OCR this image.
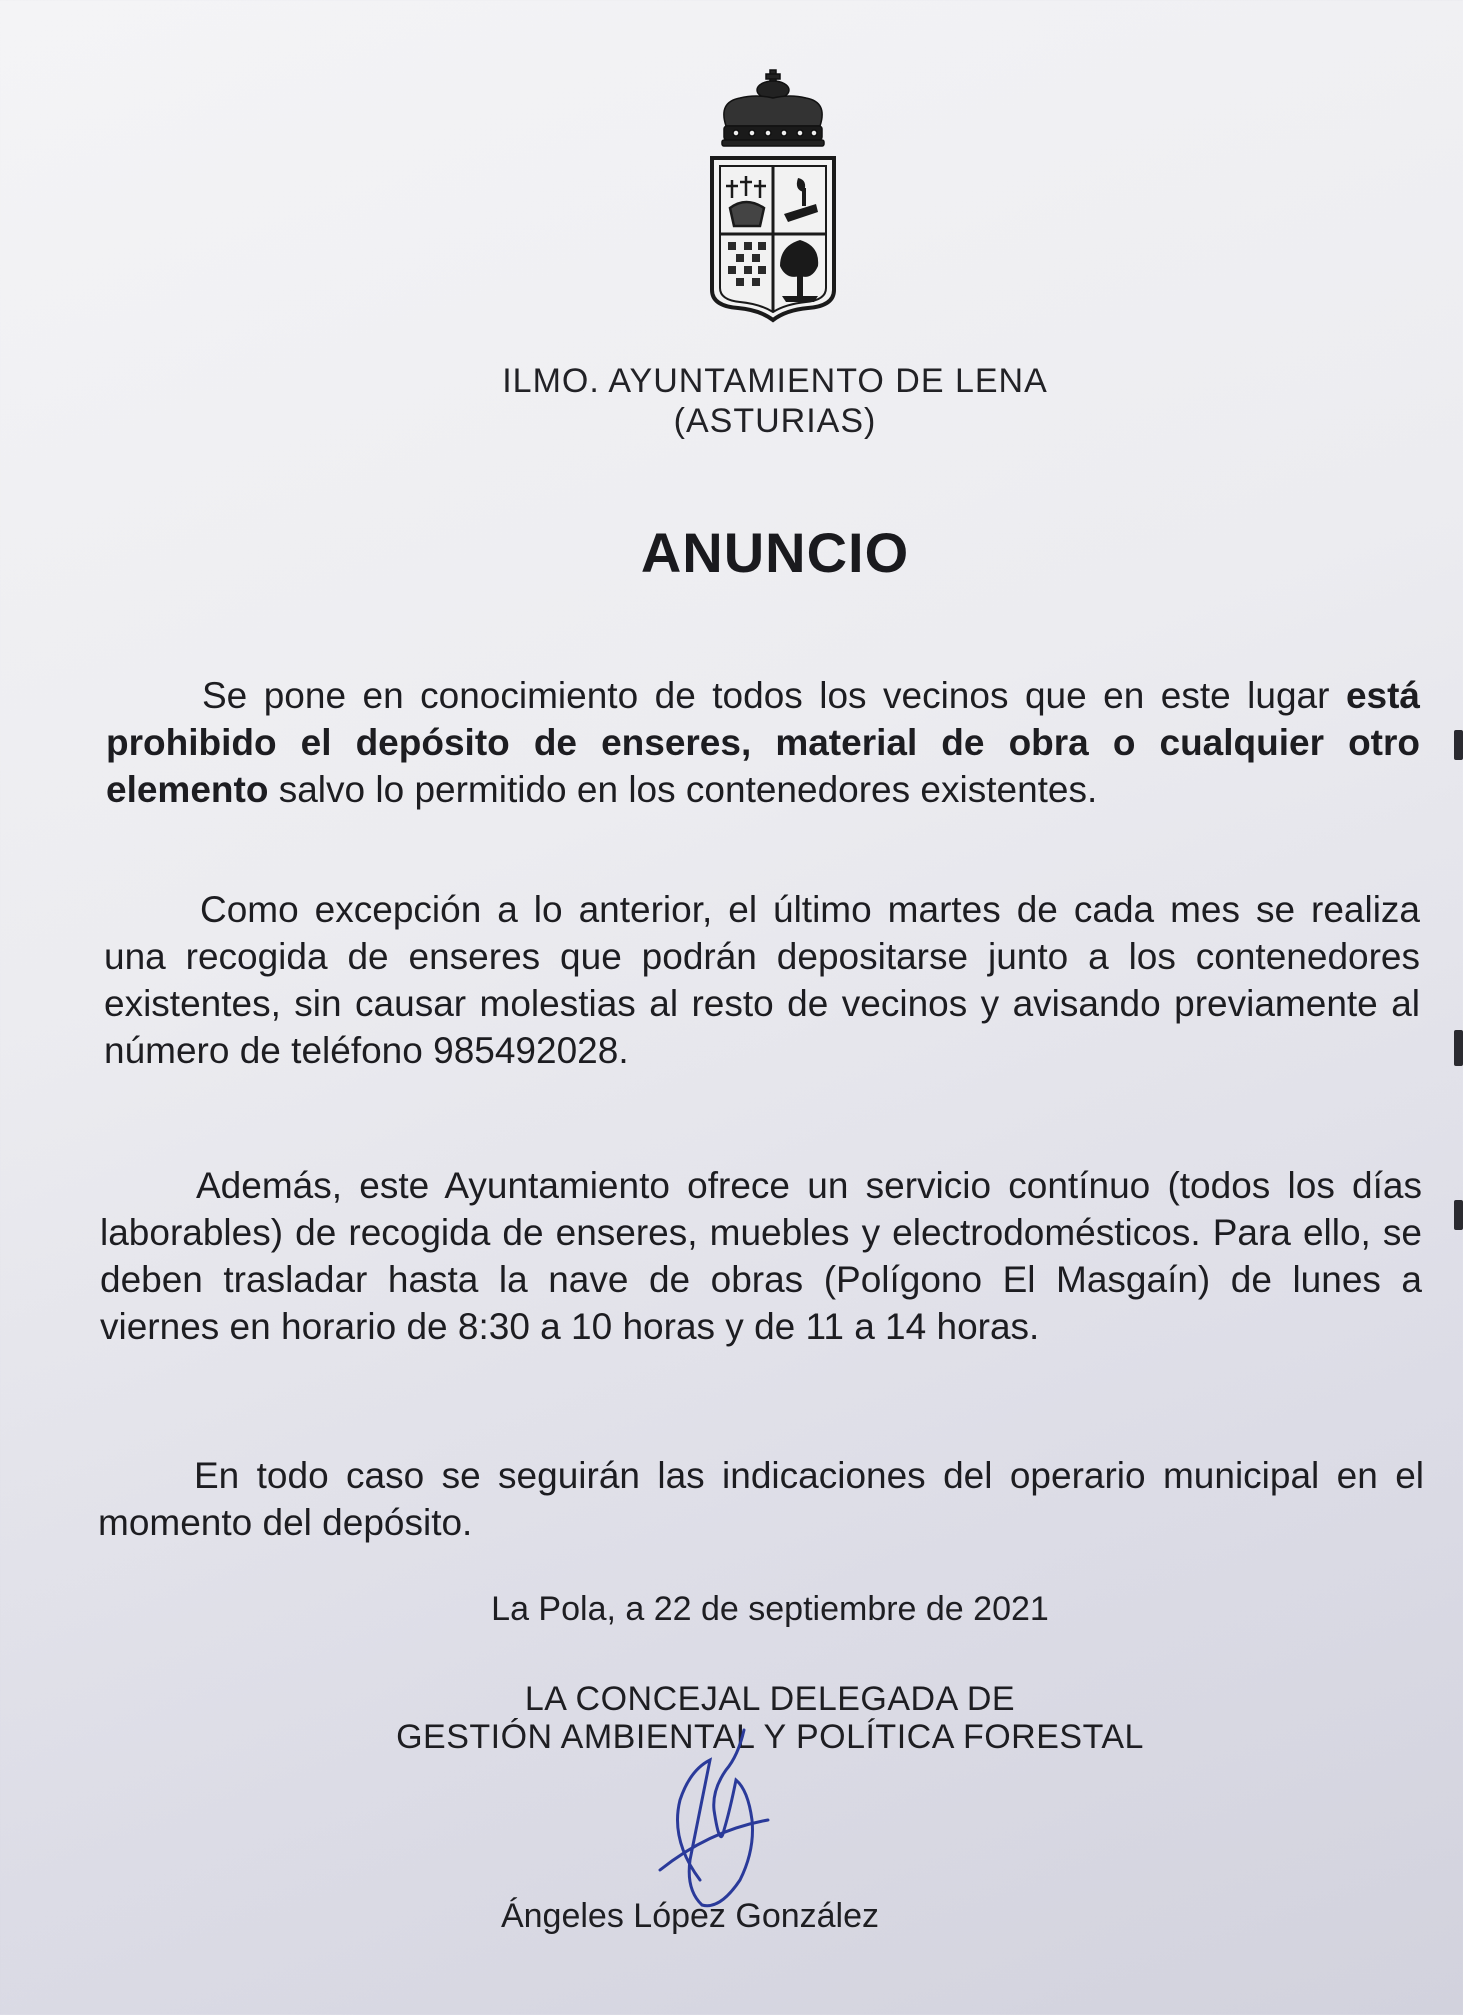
ILMO. AYUNTAMIENTO DE LENA
(ASTURIAS)
ANUNCIO
Se pone en conocimiento de todos los vecinos que en este lugar está prohibido el depósito de enseres, material de obra o cualquier otro elemento salvo lo permitido en los contenedores existentes.
Como excepción a lo anterior, el último martes de cada mes se realiza una recogida de enseres que podrán depositarse junto a los contenedores existentes, sin causar molestias al resto de vecinos y avisando previamente al número de teléfono 985492028.
Además, este Ayuntamiento ofrece un servicio contínuo (todos los días laborables) de recogida de enseres, muebles y electrodomésticos. Para ello, se deben trasladar hasta la nave de obras (Polígono El Masgaín) de lunes a viernes en horario de 8:30 a 10 horas y de 11 a 14 horas.
En todo caso se seguirán las indicaciones del operario municipal en el momento del depósito.
La Pola, a 22 de septiembre de 2021
LA CONCEJAL DELEGADA DE
GESTIÓN AMBIENTAL Y POLÍTICA FORESTAL
Ángeles López González
